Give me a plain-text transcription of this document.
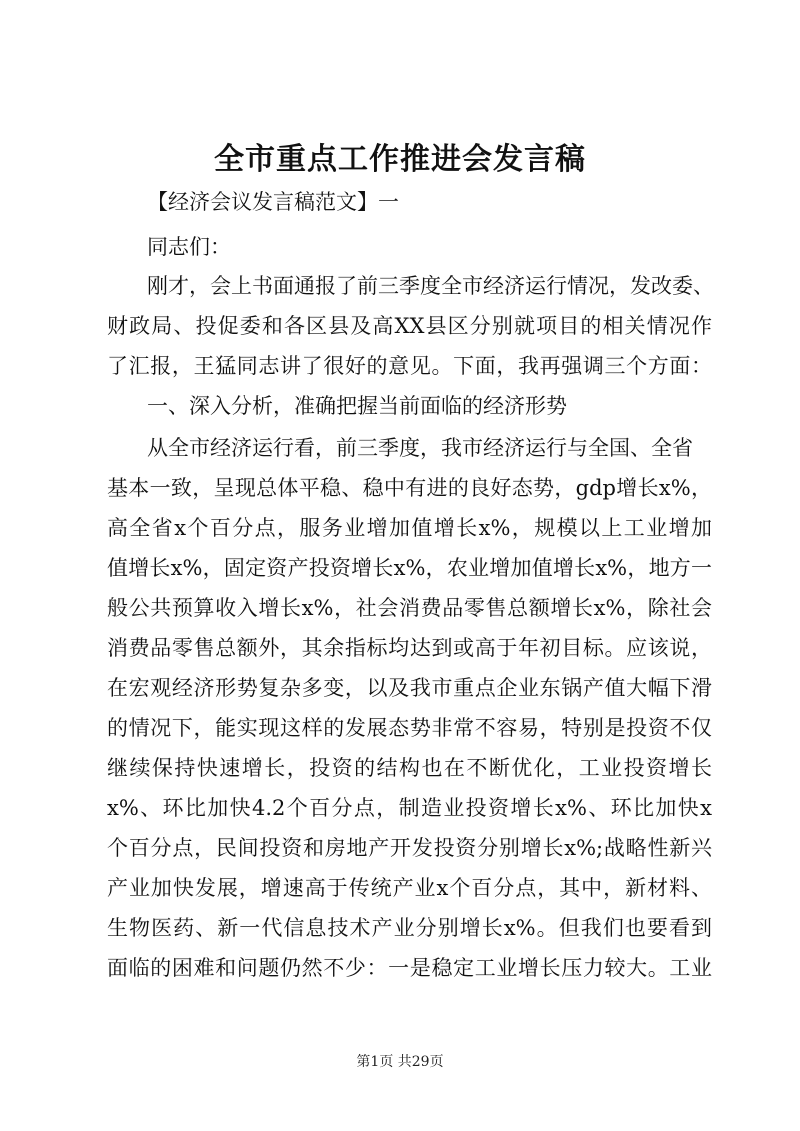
全市重点工作推进会发言稿

【经济会议发言稿范文】一

同志们：

刚才，会上书面通报了前三季度全市经济运行情况，发改委、

财政局、投促委和各区县及高XX县区分别就项目的相关情况作

了汇报，王猛同志讲了很好的意见。下面，我再强调三个方面：

一、深入分析，准确把握当前面临的经济形势

从全市经济运行看，前三季度，我市经济运行与全国、全省

基本一致，呈现总体平稳、稳中有进的良好态势，gdp增长x%，

高全省x个百分点，服务业增加值增长x%，规模以上工业增加

值增长x%，固定资产投资增长x%，农业增加值增长x%，地方一

般公共预算收入增长x%，社会消费品零售总额增长x%，除社会

消费品零售总额外，其余指标均达到或高于年初目标。应该说，

在宏观经济形势复杂多变，以及我市重点企业东锅产值大幅下滑

的情况下，能实现这样的发展态势非常不容易，特别是投资不仅

继续保持快速增长，投资的结构也在不断优化，工业投资增长

x%、环比加快4.2个百分点，制造业投资增长x%、环比加快x

个百分点，民间投资和房地产开发投资分别增长x%;战略性新兴

产业加快发展，增速高于传统产业x个百分点，其中，新材料、

生物医药、新一代信息技术产业分别增长x%。但我们也要看到

面临的困难和问题仍然不少：一是稳定工业增长压力较大。工业

第1页 共29页
